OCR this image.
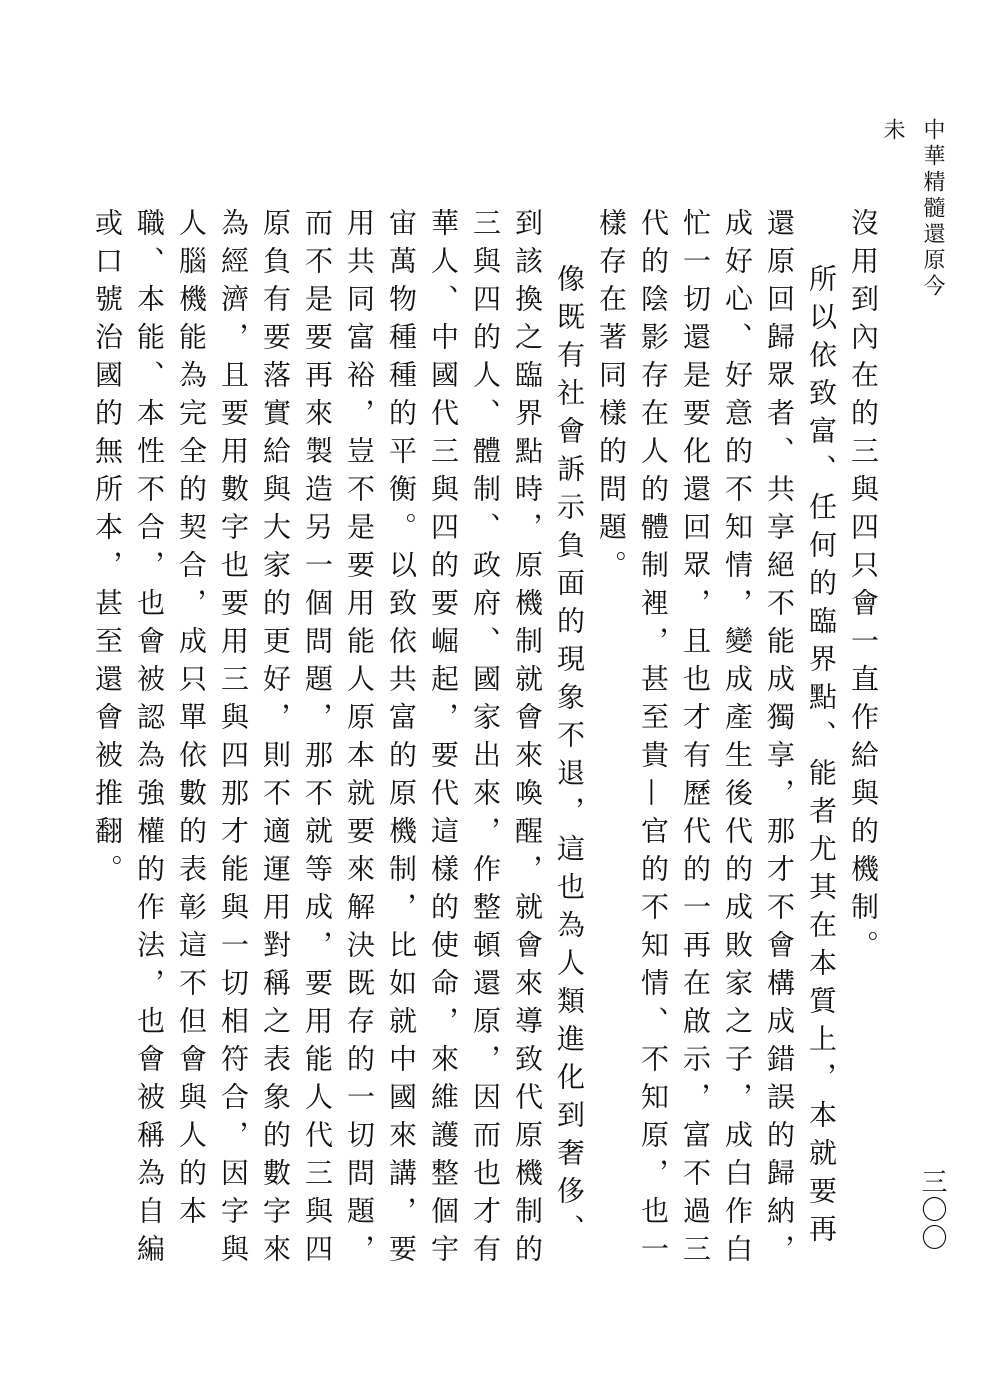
中華精髓還原今未
三〇〇

沒用到內在的三與四只會一直作給與的機制。

所以依致富、任何的臨界點、能者尤其在本質上，本就要再還原回歸眾者、共享絕不能成獨享，那才不會構成錯誤的歸納，成好心、好意的不知情，變成產生後代的成敗家之子，成白作白忙一切還是要化還回眾，且也才有歷代的一再在啟示，富不過三代的陰影存在人的體制裡，甚至貴—官的不知情、不知原，也一樣存在著同樣的問題。

像既有社會訴示負面的現象不退，這也為人類進化到奢侈、到該換之臨界點時，原機制就會來喚醒，就會來導致代原機制的三與四的人、體制、政府、國家出來，作整頓還原，因而也才有華人、中國代三與四的要崛起，要代這樣的使命，來維護整個宇宙萬物種種的平衡。以致依共富的原機制，比如就中國來講，要用共同富裕，豈不是要用能人原本就要來解決既存的一切問題，而不是要再來製造另一個問題，那不就等成，要用能人代三與四原負有要落實給與大家的更好，則不適運用對稱之表象的數字來為經濟，且要用數字也要用三與四那才能與一切相符合，因字與人腦機能為完全的契合，成只單依數的表彰這不但會與人的本職、本能、本性不合，也會被認為強權的作法，也會被稱為自編或口號治國的無所本，甚至還會被推翻。
